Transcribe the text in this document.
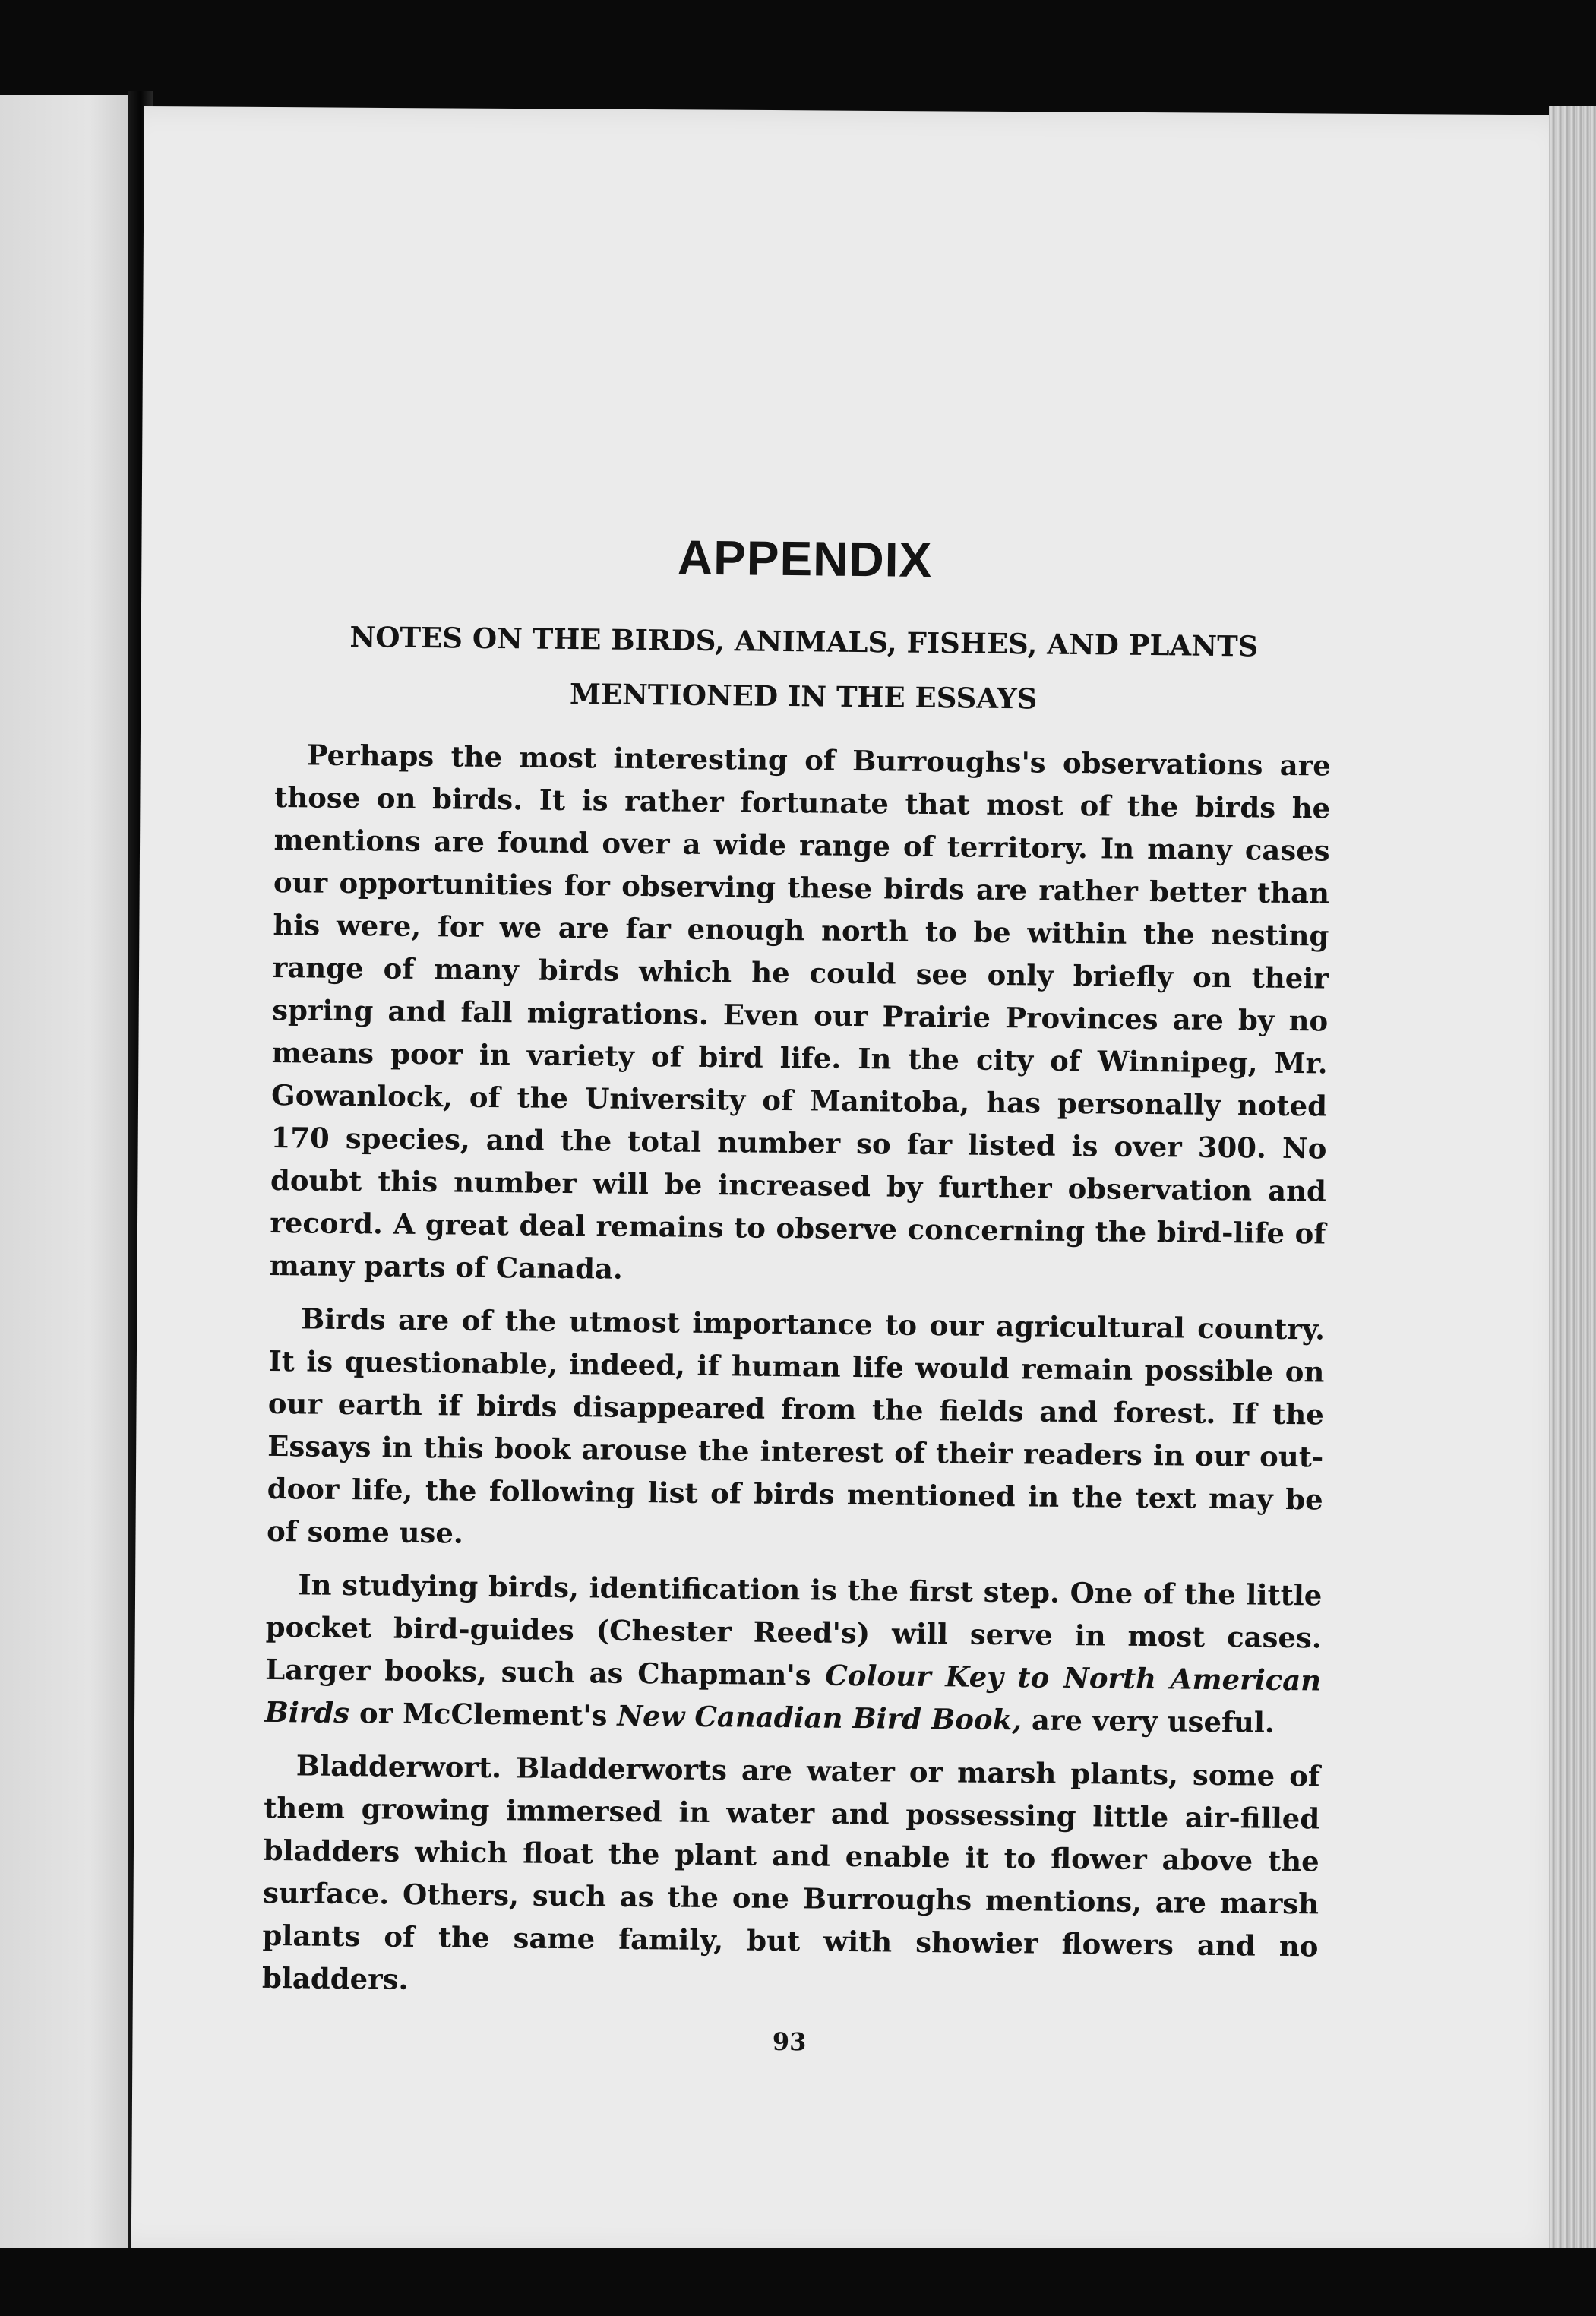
APPENDIX
NOTES ON THE BIRDS, ANIMALS, FISHES, AND PLANTS MENTIONED IN THE ESSAYS

Perhaps the most interesting of Burroughs's observations are those on birds. It is rather fortunate that most of the birds he mentions are found over a wide range of territory. In many cases our opportunities for observing these birds are rather better than his were, for we are far enough north to be within the nesting range of many birds which he could see only briefly on their spring and fall migrations. Even our Prairie Provinces are by no means poor in variety of bird life. In the city of Winnipeg, Mr. Gowanlock, of the University of Manitoba, has personally noted 170 species, and the total number so far listed is over 300. No doubt this number will be increased by further observation and record. A great deal remains to observe concerning the bird-life of many parts of Canada.

Birds are of the utmost importance to our agricultural country. It is questionable, indeed, if human life would remain possible on our earth if birds disappeared from the fields and forest. If the Essays in this book arouse the interest of their readers in our out-door life, the following list of birds mentioned in the text may be of some use.

In studying birds, identification is the first step. One of the little pocket bird-guides (Chester Reed's) will serve in most cases. Larger books, such as Chapman's Colour Key to North American Birds or McClement's New Canadian Bird Book, are very useful.

Bladderwort. Bladderworts are water or marsh plants, some of them growing immersed in water and possessing little air-filled bladders which float the plant and enable it to flower above the surface. Others, such as the one Burroughs mentions, are marsh plants of the same family, but with showier flowers and no bladders.

93
